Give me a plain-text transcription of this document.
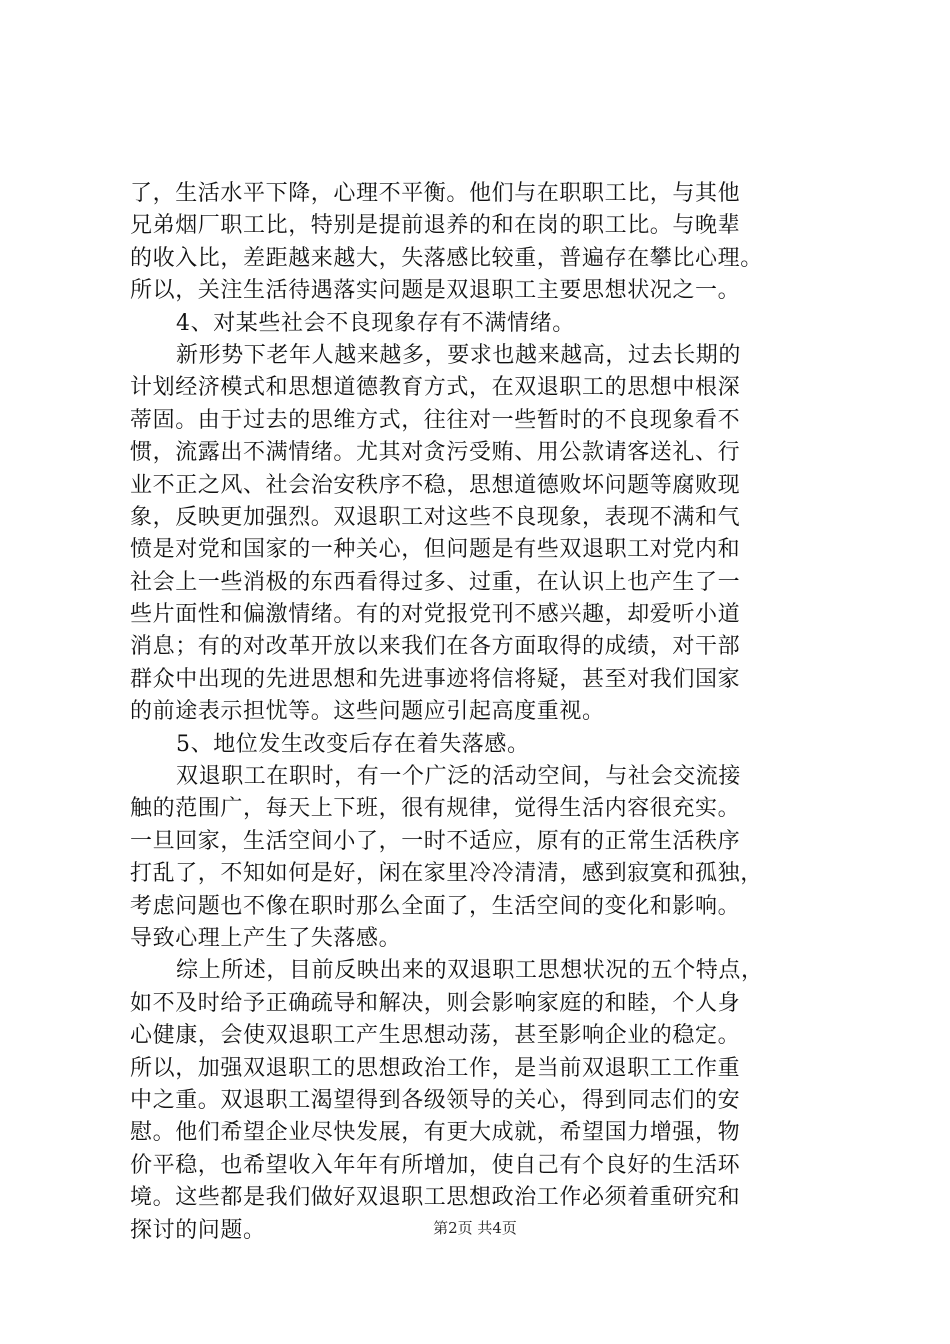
了，生活水平下降，心理不平衡。他们与在职职工比，与其他
兄弟烟厂职工比，特别是提前退养的和在岗的职工比。与晚辈
的收入比，差距越来越大，失落感比较重，普遍存在攀比心理。
所以，关注生活待遇落实问题是双退职工主要思想状况之一。
4、对某些社会不良现象存有不满情绪。
新形势下老年人越来越多，要求也越来越高，过去长期的
计划经济模式和思想道德教育方式，在双退职工的思想中根深
蒂固。由于过去的思维方式，往往对一些暂时的不良现象看不
惯，流露出不满情绪。尤其对贪污受贿、用公款请客送礼、行
业不正之风、社会治安秩序不稳，思想道德败坏问题等腐败现
象，反映更加强烈。双退职工对这些不良现象，表现不满和气
愤是对党和国家的一种关心，但问题是有些双退职工对党内和
社会上一些消极的东西看得过多、过重，在认识上也产生了一
些片面性和偏激情绪。有的对党报党刊不感兴趣，却爱听小道
消息；有的对改革开放以来我们在各方面取得的成绩，对干部
群众中出现的先进思想和先进事迹将信将疑，甚至对我们国家
的前途表示担忧等。这些问题应引起高度重视。
5、地位发生改变后存在着失落感。
双退职工在职时，有一个广泛的活动空间，与社会交流接
触的范围广，每天上下班，很有规律，觉得生活内容很充实。
一旦回家，生活空间小了，一时不适应，原有的正常生活秩序
打乱了，不知如何是好，闲在家里冷冷清清，感到寂寞和孤独，
考虑问题也不像在职时那么全面了，生活空间的变化和影响。
导致心理上产生了失落感。
综上所述，目前反映出来的双退职工思想状况的五个特点，
如不及时给予正确疏导和解决，则会影响家庭的和睦，个人身
心健康，会使双退职工产生思想动荡，甚至影响企业的稳定。
所以，加强双退职工的思想政治工作，是当前双退职工工作重
中之重。双退职工渴望得到各级领导的关心，得到同志们的安
慰。他们希望企业尽快发展，有更大成就，希望国力增强，物
价平稳，也希望收入年年有所增加，使自己有个良好的生活环
境。这些都是我们做好双退职工思想政治工作必须着重研究和
探讨的问题。	第2页 共4页
